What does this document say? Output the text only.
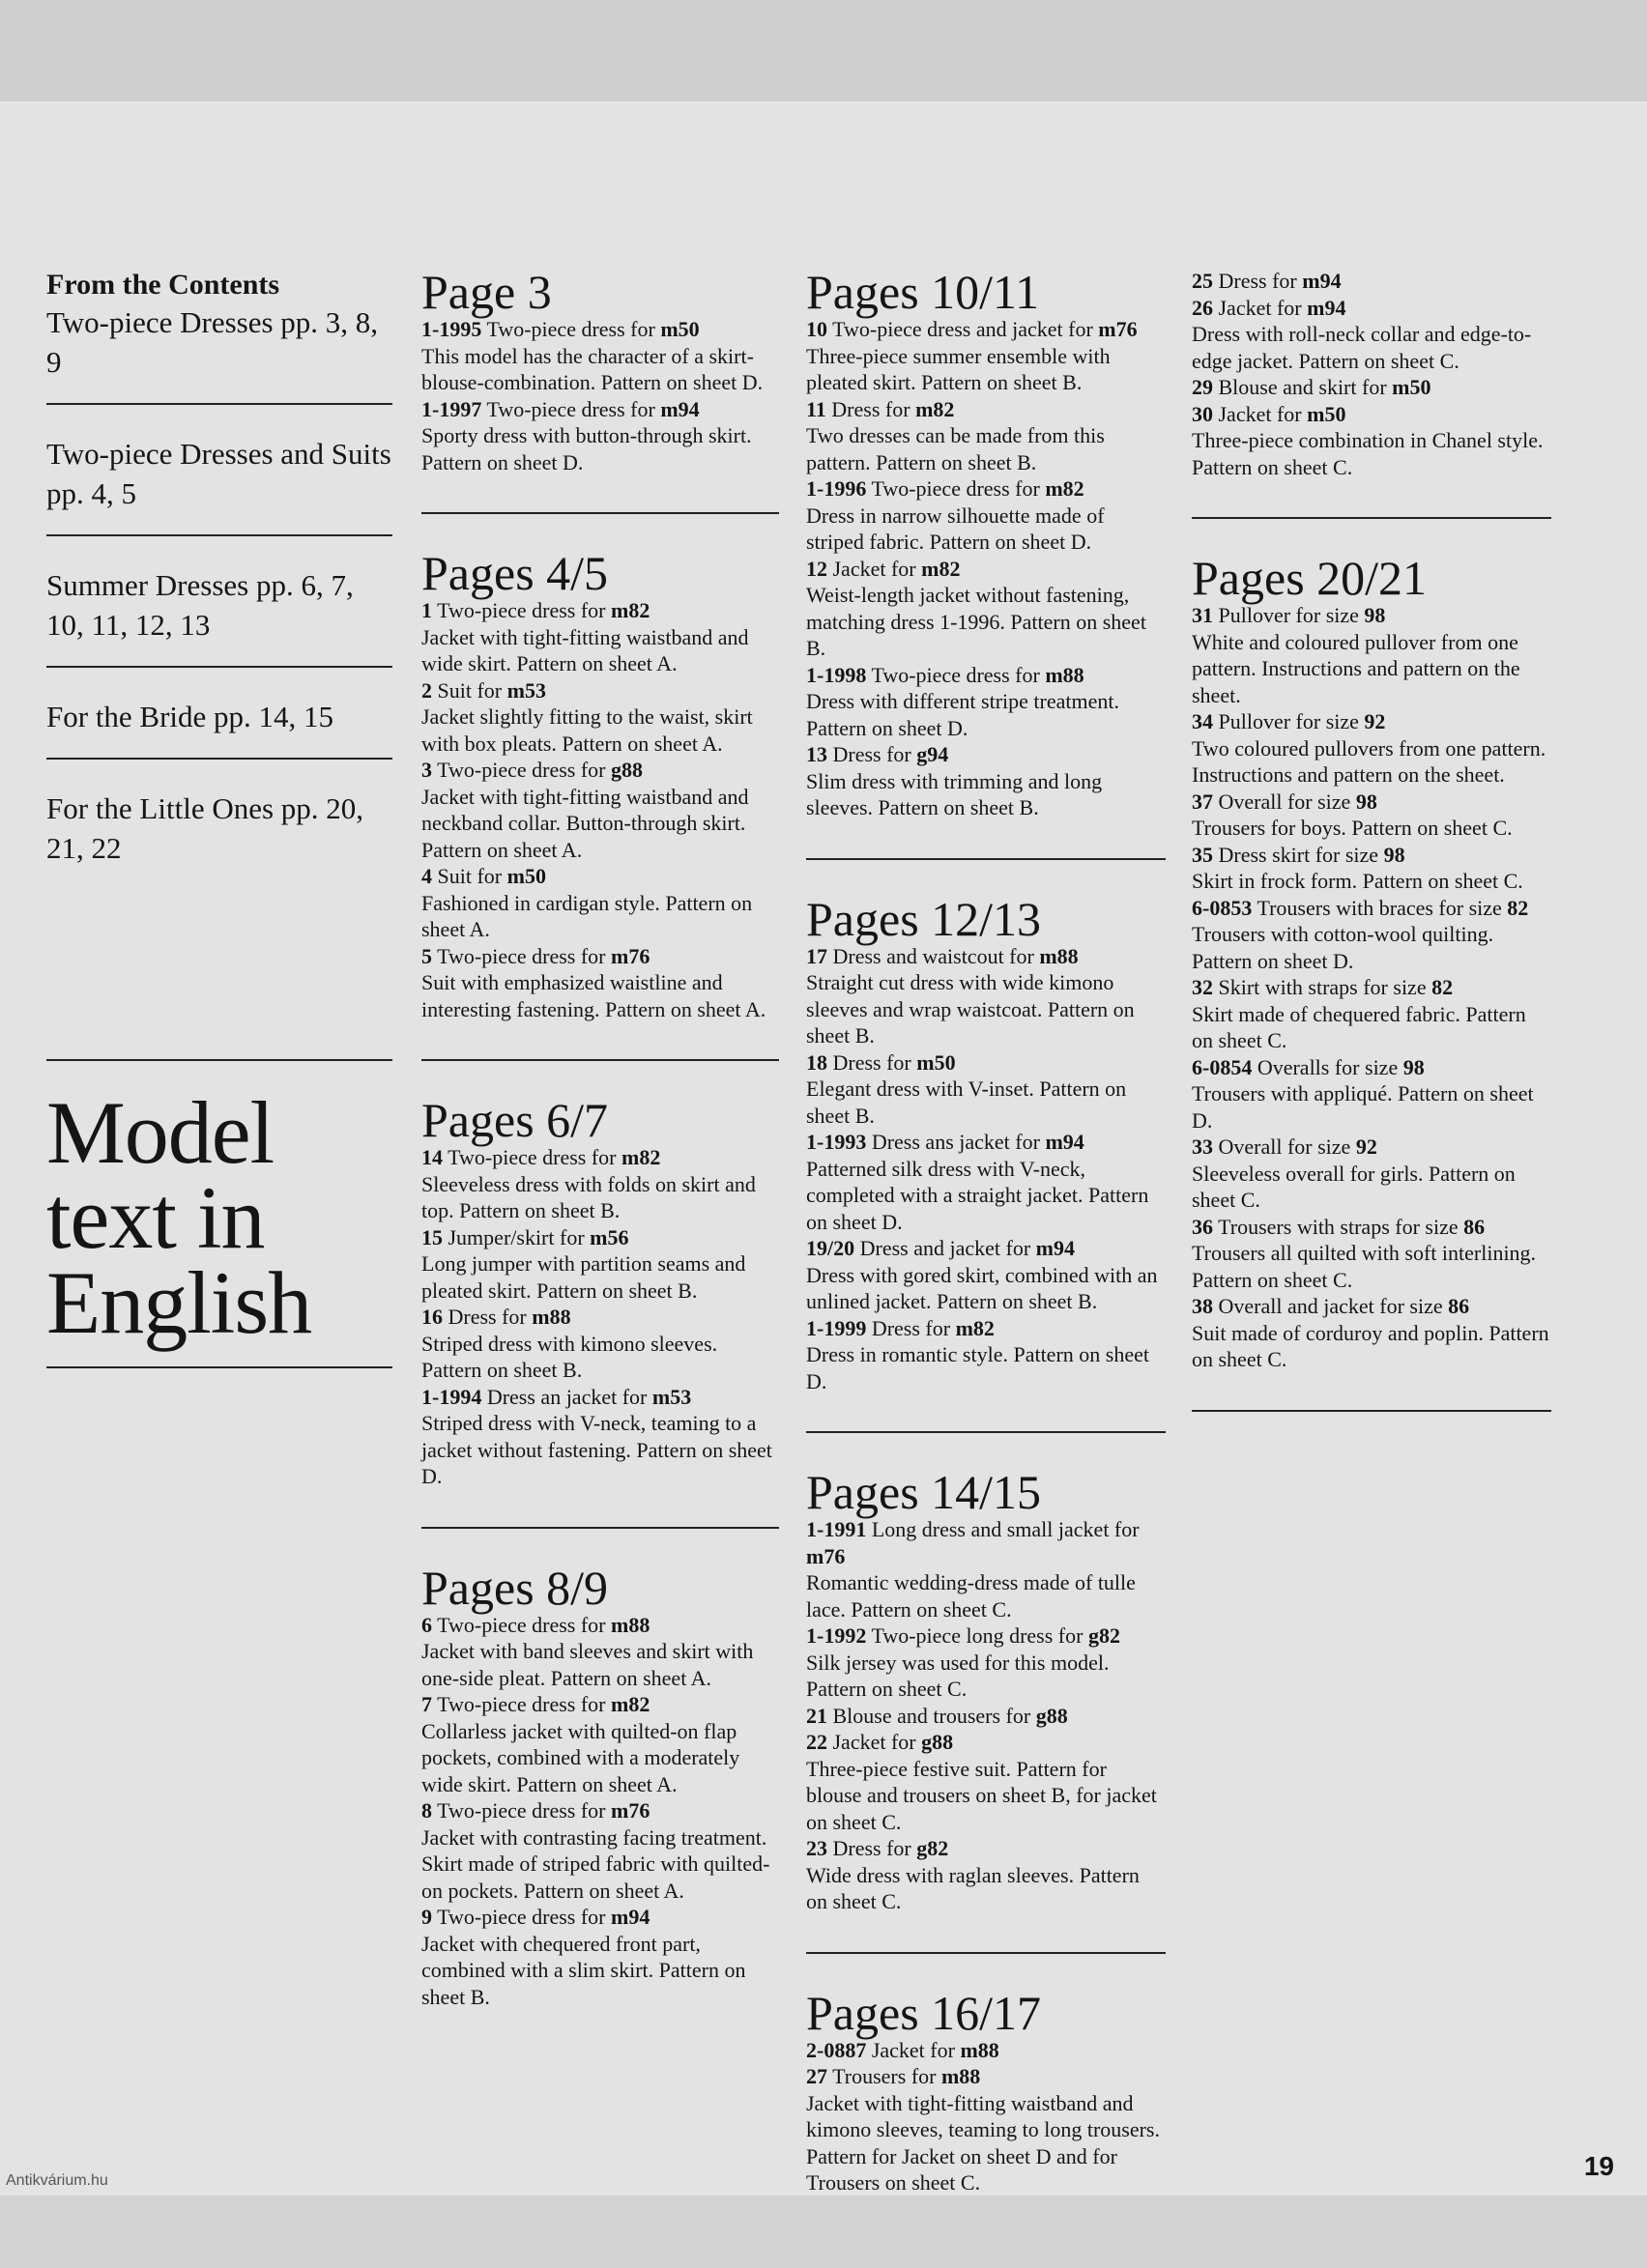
From the Contents
Two-piece Dresses pp. 3, 8, 9
Two-piece Dresses and Suits pp. 4, 5
Summer Dresses pp. 6, 7, 10, 11, 12, 13
For the Bride pp. 14, 15
For the Little Ones pp. 20, 21, 22
Model
text in
English
Page 3

1-1995 Two-piece dress for m50

This model has the character of a skirt-blouse-combination. Pattern on sheet D.

1-1997 Two-piece dress for m94

Sporty dress with button-through skirt. Pattern on sheet D.

Pages 4/5

1 Two-piece dress for m82

Jacket with tight-fitting waistband and wide skirt. Pattern on sheet A.

2 Suit for m53

Jacket slightly fitting to the waist, skirt with box pleats. Pattern on sheet A.

3 Two-piece dress for g88

Jacket with tight-fitting waistband and neckband collar. Button-through skirt. Pattern on sheet A.

4 Suit for m50

Fashioned in cardigan style. Pattern on sheet A.

5 Two-piece dress for m76

Suit with emphasized waistline and interesting fastening. Pattern on sheet A.

Pages 6/7

14 Two-piece dress for m82

Sleeveless dress with folds on skirt and top. Pattern on sheet B.

15 Jumper/skirt for m56

Long jumper with partition seams and pleated skirt. Pattern on sheet B.

16 Dress for m88

Striped dress with kimono sleeves. Pattern on sheet B.

1-1994 Dress an jacket for m53

Striped dress with V-neck, teaming to a jacket without fastening. Pattern on sheet D.

Pages 8/9

6 Two-piece dress for m88

Jacket with band sleeves and skirt with one-side pleat. Pattern on sheet A.

7 Two-piece dress for m82

Collarless jacket with quilted-on flap pockets, combined with a moderately wide skirt. Pattern on sheet A.

8 Two-piece dress for m76

Jacket with contrasting facing treatment. Skirt made of striped fabric with quilted-on pockets. Pattern on sheet A.

9 Two-piece dress for m94

Jacket with chequered front part, combined with a slim skirt. Pattern on sheet B.

Pages 10/11

10 Two-piece dress and jacket for m76

Three-piece summer ensemble with pleated skirt. Pattern on sheet B.

11 Dress for m82

Two dresses can be made from this pattern. Pattern on sheet B.

1-1996 Two-piece dress for m82

Dress in narrow silhouette made of striped fabric. Pattern on sheet D.

12 Jacket for m82

Weist-length jacket without fastening, matching dress 1-1996. Pattern on sheet B.

1-1998 Two-piece dress for m88

Dress with different stripe treatment. Pattern on sheet D.

13 Dress for g94

Slim dress with trimming and long sleeves. Pattern on sheet B.

Pages 12/13

17 Dress and waistcout for m88

Straight cut dress with wide kimono sleeves and wrap waistcoat. Pattern on sheet B.

18 Dress for m50

Elegant dress with V-inset. Pattern on sheet B.

1-1993 Dress ans jacket for m94

Patterned silk dress with V-neck, completed with a straight jacket. Pattern on sheet D.

19/20 Dress and jacket for m94

Dress with gored skirt, combined with an unlined jacket. Pattern on sheet B.

1-1999 Dress for m82

Dress in romantic style. Pattern on sheet D.

Pages 14/15

1-1991 Long dress and small jacket for m76

Romantic wedding-dress made of tulle lace. Pattern on sheet C.

1-1992 Two-piece long dress for g82

Silk jersey was used for this model. Pattern on sheet C.

21 Blouse and trousers for g88

22 Jacket for g88

Three-piece festive suit. Pattern for blouse and trousers on sheet B, for jacket on sheet C.

23 Dress for g82

Wide dress with raglan sleeves. Pattern on sheet C.

Pages 16/17

2-0887 Jacket for m88

27 Trousers for m88

Jacket with tight-fitting waistband and kimono sleeves, teaming to long trousers. Pattern for Jacket on sheet D and for Trousers on sheet C.

25 Dress for m94

26 Jacket for m94

Dress with roll-neck collar and edge-to-edge jacket. Pattern on sheet C.

29 Blouse and skirt for m50

30 Jacket for m50

Three-piece combination in Chanel style. Pattern on sheet C.

Pages 20/21

31 Pullover for size 98

White and coloured pullover from one pattern. Instructions and pattern on the sheet.

34 Pullover for size 92

Two coloured pullovers from one pattern. Instructions and pattern on the sheet.

37 Overall for size 98

Trousers for boys. Pattern on sheet C.

35 Dress skirt for size 98

Skirt in frock form. Pattern on sheet C.

6-0853 Trousers with braces for size 82

Trousers with cotton-wool quilting. Pattern on sheet D.

32 Skirt with straps for size 82

Skirt made of chequered fabric. Pattern on sheet C.

6-0854 Overalls for size 98

Trousers with appliqué. Pattern on sheet D.

33 Overall for size 92

Sleeveless overall for girls. Pattern on sheet C.

36 Trousers with straps for size 86

Trousers all quilted with soft interlining. Pattern on sheet C.

38 Overall and jacket for size 86

Suit made of corduroy and poplin. Pattern on sheet C.

19
Antikvárium.hu
